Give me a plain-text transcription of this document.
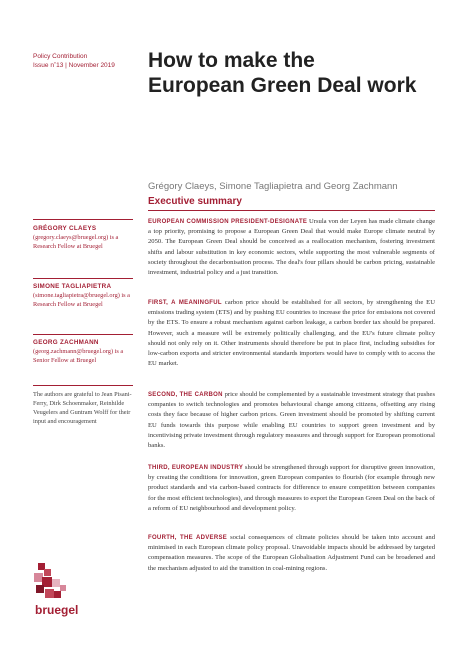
Policy Contribution
Issue n˚13 | November 2019	How to make the
European Green Deal work
Grégory Claeys, Simone Tagliapietra and Georg Zachmann
Executive summary
GRÉGORY CLAEYS (gregory.claeys@bruegel.org) is a Research Fellow at Bruegel
SIMONE TAGLIAPIETRA (simone.tagliapietra@bruegel.org) is a Research Fellow at Bruegel
GEORG ZACHMANN (georg.zachmann@bruegel.org) is a Senior Fellow at Bruegel
The authors are grateful to Jean Pisani-Ferry, Dirk Schoenmaker, Reinhilde Veugelers and Guntram Wolff for their input and encouragement
EUROPEAN COMMISSION PRESIDENT-DESIGNATE Ursula von der Leyen has made climate change a top priority, promising to propose a European Green Deal that would make Europe climate neutral by 2050. The European Green Deal should be conceived as a reallocation mechanism, fostering investment shifts and labour substitution in key economic sectors, while supporting the most vulnerable segments of society throughout the decarbonisation process. The deal's four pillars should be carbon pricing, sustainable investment, industrial policy and a just transition.
FIRST, A MEANINGFUL carbon price should be established for all sectors, by strengthening the EU emissions trading system (ETS) and by pushing EU countries to increase the price for emissions not covered by the ETS. To ensure a robust mechanism against carbon leakage, a carbon border tax should be prepared. However, such a measure will be extremely politically challenging, and the EU's future climate policy should not only rely on it. Other instruments should therefore be put in place first, including subsidies for low-carbon exports and stricter environmental standards importers would have to comply with to access the EU market.
SECOND, THE CARBON price should be complemented by a sustainable investment strategy that pushes companies to switch technologies and promotes behavioural change among citizens, offsetting any rising costs they face because of higher carbon prices. Green investment should be promoted by shifting current EU funds towards this purpose while enabling EU countries to support green investment and by incentivising private investment through regulatory measures and through support for European promotional banks.
THIRD, EUROPEAN INDUSTRY should be strengthened through support for disruptive green innovation, by creating the conditions for innovation, green European companies to flourish (for example through new product standards and via carbon-based contracts for difference to ensure competition between companies for the most efficient technologies), and through measures to export the European Green Deal on the back of a reform of EU neighbourhood and development policy.
FOURTH, THE ADVERSE social consequences of climate policies should be taken into account and minimised in each European climate policy proposal. Unavoidable impacts should be addressed by targeted compensation measures. The scope of the European Globalisation Adjustment Fund can be broadened and the mechanism adjusted to aid the transition in coal-mining regions.
bruegel
